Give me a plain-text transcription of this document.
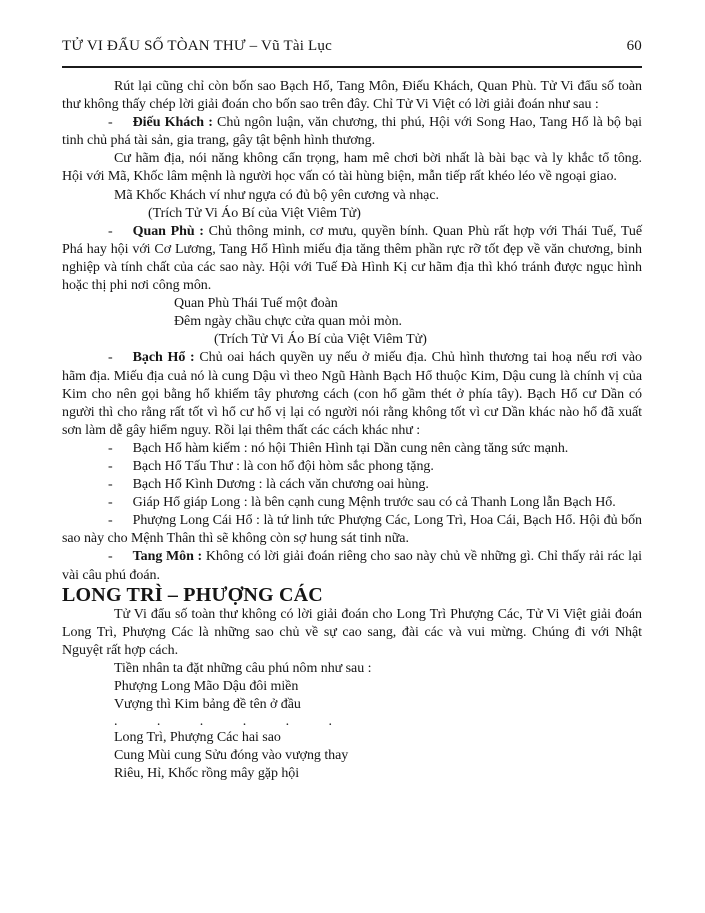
TỬ VI ĐẨU SỐ TÒAN THƯ – Vũ Tài Lục	60

Rút lại cũng chỉ còn bốn sao Bạch Hổ, Tang Môn, Điếu Khách, Quan Phù. Tử Vi đẩu số toàn thư không thấy chép lời giải đoán cho bốn sao trên đây. Chỉ Tử Vi Việt có lời giải đoán như sau :

- Điếu Khách : Chủ ngôn luận, văn chương, thi phú, Hội với Song Hao, Tang Hổ là bộ bại tinh chủ phá tài sản, gia trang, gây tật bệnh hình thương.

Cư hãm địa, nói năng không cẩn trọng, ham mê chơi bời nhất là bài bạc và ly khắc tổ tông. Hội với Mã, Khốc lâm mệnh là người học vấn có tài hùng biện, mẫn tiếp rất khéo léo về ngoại giao.

Mã Khốc Khách ví như ngựa có đủ bộ yên cương và nhạc.

(Trích Tử Vi Áo Bí của Việt Viêm Tử)

- Quan Phù : Chủ thông minh, cơ mưu, quyền bính. Quan Phù rất hợp với Thái Tuế, Tuế Phá hay hội với Cơ Lương, Tang Hổ Hình miếu địa tăng thêm phần rực rỡ tốt đẹp về văn chương, binh nghiệp và tính chất của các sao này. Hội với Tuế Đà Hình Kị cư hãm địa thì khó tránh được ngục hình hoặc thị phi nơi công môn.

Quan Phù Thái Tuế một đoàn

Đêm ngày chầu chực cửa quan mỏi mòn.

(Trích Tử Vi Áo Bí của Việt Viêm Tử)

- Bạch Hổ : Chủ oai hách quyền uy nếu ở miếu địa. Chủ hình thương tai hoạ nếu rơi vào hãm địa. Miếu địa cuả nó là cung Dậu vì theo Ngũ Hành Bạch Hổ thuộc Kim, Dậu cung là chính vị của Kim cho nên gọi bằng hổ khiếm tây phương cách (con hổ gầm thét ở phía tây). Bạch Hổ cư Dần có người thì cho rằng rất tốt vì hổ cư hổ vị lại có người nói rằng không tốt vì cư Dần khác nào hổ đã xuất sơn làm dễ gây hiểm nguy. Rồi lại thêm thất các cách khác như :

- Bạch Hổ hàm kiếm : nó hội Thiên Hình tại Dần cung nên càng tăng sức mạnh.

- Bạch Hổ Tấu Thư : là con hổ đội hòm sắc phong tặng.

- Bạch Hổ Kình Dương : là cách văn chương oai hùng.

- Giáp Hổ giáp Long : là bên cạnh cung Mệnh trước sau có cả Thanh Long lẫn Bạch Hổ.

- Phượng Long Cái Hổ : là tứ linh tức Phượng Các, Long Trì, Hoa Cái, Bạch Hổ. Hội đủ bốn sao này cho Mệnh Thân thì sẽ không còn sợ hung sát tinh nữa.

- Tang Môn : Không có lời giải đoán riêng cho sao này chủ về những gì. Chỉ thấy rải rác lại vài câu phú đoán.

LONG TRÌ – PHƯỢNG CÁC

Tử Vi đẩu số toàn thư không có lời giải đoán cho Long Trì Phượng Các, Tử Vi Việt giải đoán Long Trì, Phượng Các là những sao chủ về sự cao sang, đài các và vui mừng. Chúng đi với Nhật Nguyệt rất hợp cách.

Tiền nhân ta đặt những câu phú nôm như sau :

Phượng Long Mão Dậu đôi miền

Vượng thì Kim bảng đề tên ở đầu

. . . . . .

Long Trì, Phượng Các hai sao

Cung Mùi cung Sửu đóng vào vượng thay

Riêu, Hỉ, Khốc rồng mây gặp hội
